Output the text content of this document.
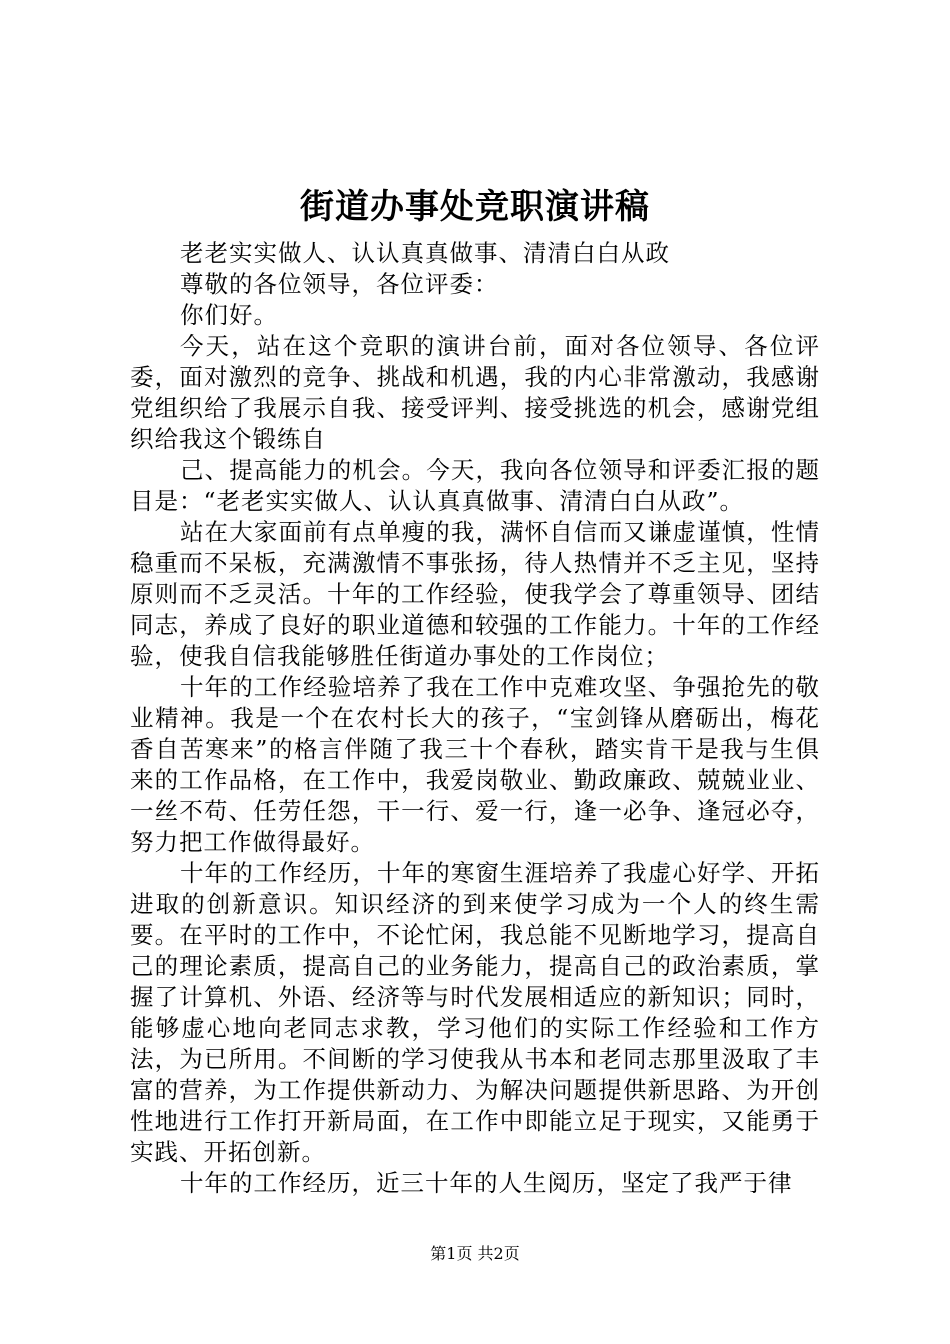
街道办事处竞职演讲稿

老老实实做人、认认真真做事、清清白白从政

尊敬的各位领导，各位评委：

你们好。

今天，站在这个竞职的演讲台前，面对各位领导、各位评委，面对激烈的竞争、挑战和机遇，我的内心非常激动，我感谢党组织给了我展示自我、接受评判、接受挑选的机会，感谢党组织给我这个锻练自

己、提高能力的机会。今天，我向各位领导和评委汇报的题目是：“老老实实做人、认认真真做事、清清白白从政”。

站在大家面前有点单瘦的我，满怀自信而又谦虚谨慎，性情稳重而不呆板，充满激情不事张扬，待人热情并不乏主见，坚持原则而不乏灵活。十年的工作经验，使我学会了尊重领导、团结同志，养成了良好的职业道德和较强的工作能力。十年的工作经验，使我自信我能够胜任街道办事处的工作岗位；

十年的工作经验培养了我在工作中克难攻坚、争强抢先的敬业精神。我是一个在农村长大的孩子，“宝剑锋从磨砺出，梅花香自苦寒来”的格言伴随了我三十个春秋，踏实肯干是我与生俱来的工作品格，在工作中，我爱岗敬业、勤政廉政、兢兢业业、一丝不苟、任劳任怨，干一行、爱一行，逢一必争、逢冠必夺，努力把工作做得最好。

十年的工作经历，十年的寒窗生涯培养了我虚心好学、开拓进取的创新意识。知识经济的到来使学习成为一个人的终生需要。在平时的工作中，不论忙闲，我总能不见断地学习，提高自己的理论素质，提高自己的业务能力，提高自己的政治素质，掌握了计算机、外语、经济等与时代发展相适应的新知识；同时，能够虚心地向老同志求教，学习他们的实际工作经验和工作方法，为已所用。不间断的学习使我从书本和老同志那里汲取了丰富的营养，为工作提供新动力、为解决问题提供新思路、为开创性地进行工作打开新局面，在工作中即能立足于现实，又能勇于实践、开拓创新。

十年的工作经历，近三十年的人生阅历，坚定了我严于律

第1页 共2页
